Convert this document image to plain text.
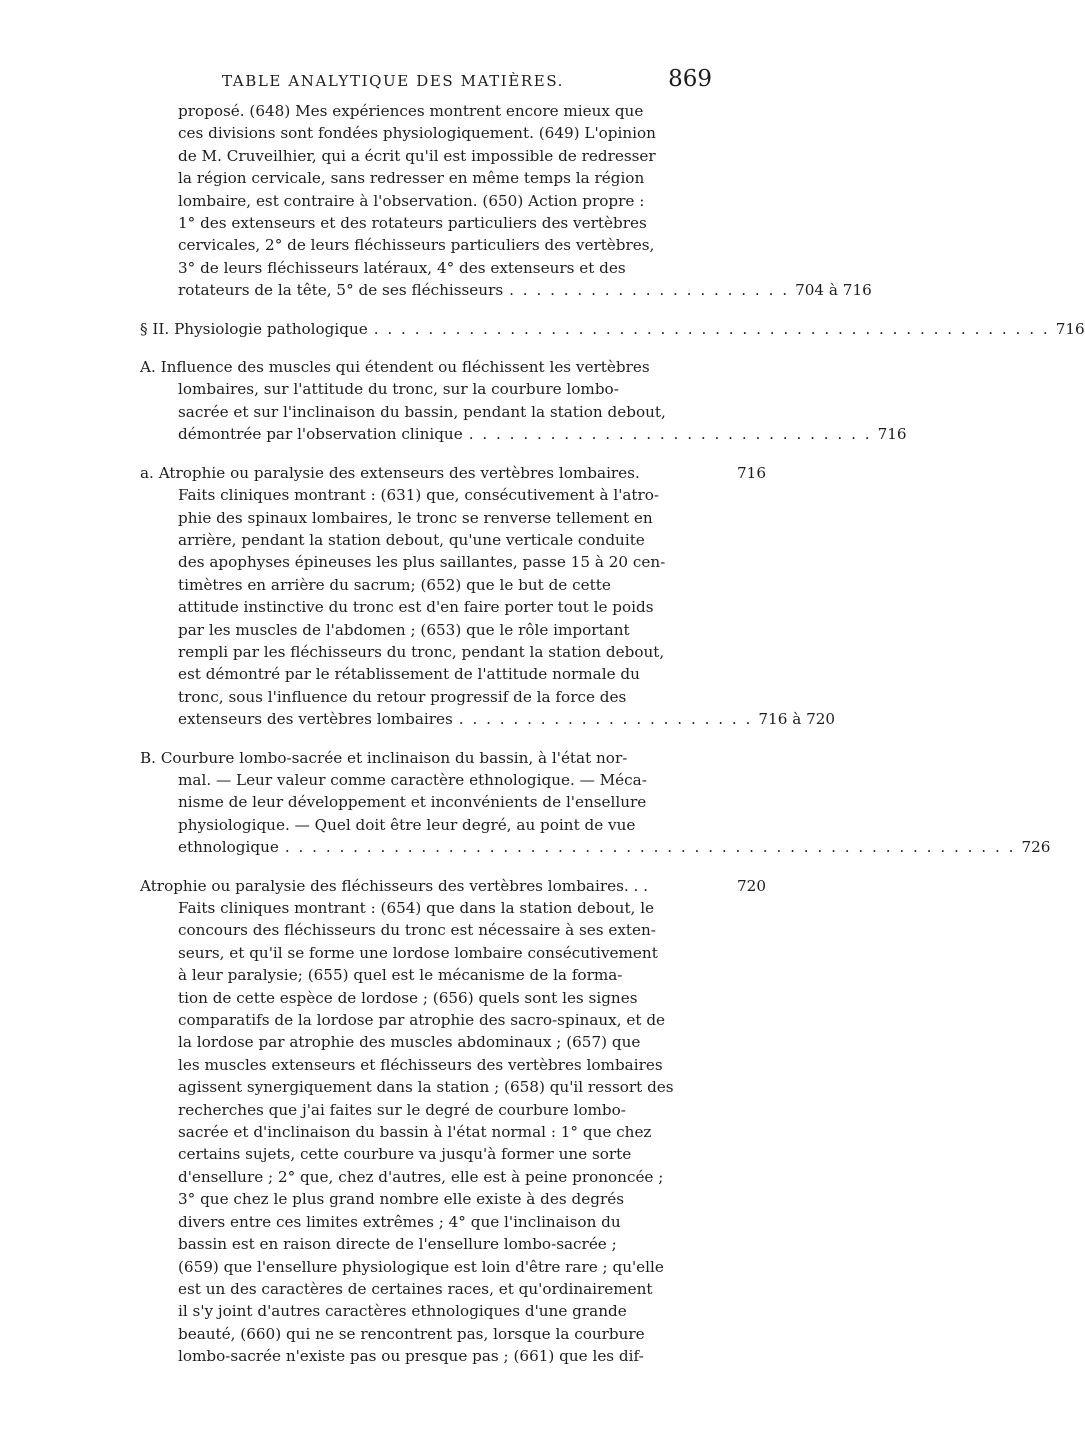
TABLE ANALYTIQUE DES MATIÈRES.	869

proposé. (648) Mes expériences montrent encore mieux que

ces divisions sont fondées physiologiquement. (649) L'opinion

de M. Cruveilhier, qui a écrit qu'il est impossible de redresser

la région cervicale, sans redresser en même temps la région

lombaire, est contraire à l'observation. (650) Action propre :

1° des extenseurs et des rotateurs particuliers des vertèbres

cervicales, 2° de leurs fléchisseurs particuliers des vertèbres,

3° de leurs fléchisseurs latéraux, 4° des extenseurs et des

rotateurs de la tête, 5° de ses fléchisseurs . . . . . . . . . . . . . . . . . . . . . 704 à 716

§ II. Physiologie pathologique . . . . . . . . . . . . . . . . . . . . . . . . . . . . . . . . . . . . . . . . . . . . . . . . . . 716

A. Influence des muscles qui étendent ou fléchissent les vertèbres

lombaires, sur l'attitude du tronc, sur la courbure lombo-

sacrée et sur l'inclinaison du bassin, pendant la station debout,

démontrée par l'observation clinique . . . . . . . . . . . . . . . . . . . . . . . . . . . . . . 716

a. Atrophie ou paralysie des extenseurs des vertèbres lombaires.	716

Faits cliniques montrant : (631) que, consécutivement à l'atro-

phie des spinaux lombaires, le tronc se renverse tellement en

arrière, pendant la station debout, qu'une verticale conduite

des apophyses épineuses les plus saillantes, passe 15 à 20 cen-

timètres en arrière du sacrum; (652) que le but de cette

attitude instinctive du tronc est d'en faire porter tout le poids

par les muscles de l'abdomen ; (653) que le rôle important

rempli par les fléchisseurs du tronc, pendant la station debout,

est démontré par le rétablissement de l'attitude normale du

tronc, sous l'influence du retour progressif de la force des

extenseurs des vertèbres lombaires . . . . . . . . . . . . . . . . . . . . . . 716 à 720

B. Courbure lombo-sacrée et inclinaison du bassin, à l'état nor-

mal. — Leur valeur comme caractère ethnologique. — Méca-

nisme de leur développement et inconvénients de l'ensellure

physiologique. — Quel doit être leur degré, au point de vue

ethnologique . . . . . . . . . . . . . . . . . . . . . . . . . . . . . . . . . . . . . . . . . . . . . . . . . . . . . . 726

Atrophie ou paralysie des fléchisseurs des vertèbres lombaires. . .	720

Faits cliniques montrant : (654) que dans la station debout, le

concours des fléchisseurs du tronc est nécessaire à ses exten-

seurs, et qu'il se forme une lordose lombaire consécutivement

à leur paralysie; (655) quel est le mécanisme de la forma-

tion de cette espèce de lordose ; (656) quels sont les signes

comparatifs de la lordose par atrophie des sacro-spinaux, et de

la lordose par atrophie des muscles abdominaux ; (657) que

les muscles extenseurs et fléchisseurs des vertèbres lombaires

agissent synergiquement dans la station ; (658) qu'il ressort des

recherches que j'ai faites sur le degré de courbure lombo-

sacrée et d'inclinaison du bassin à l'état normal : 1° que chez

certains sujets, cette courbure va jusqu'à former une sorte

d'ensellure ; 2° que, chez d'autres, elle est à peine prononcée ;

3° que chez le plus grand nombre elle existe à des degrés

divers entre ces limites extrêmes ; 4° que l'inclinaison du

bassin est en raison directe de l'ensellure lombo-sacrée ;

(659) que l'ensellure physiologique est loin d'être rare ; qu'elle

est un des caractères de certaines races, et qu'ordinairement

il s'y joint d'autres caractères ethnologiques d'une grande

beauté, (660) qui ne se rencontrent pas, lorsque la courbure

lombo-sacrée n'existe pas ou presque pas ; (661) que les dif-
